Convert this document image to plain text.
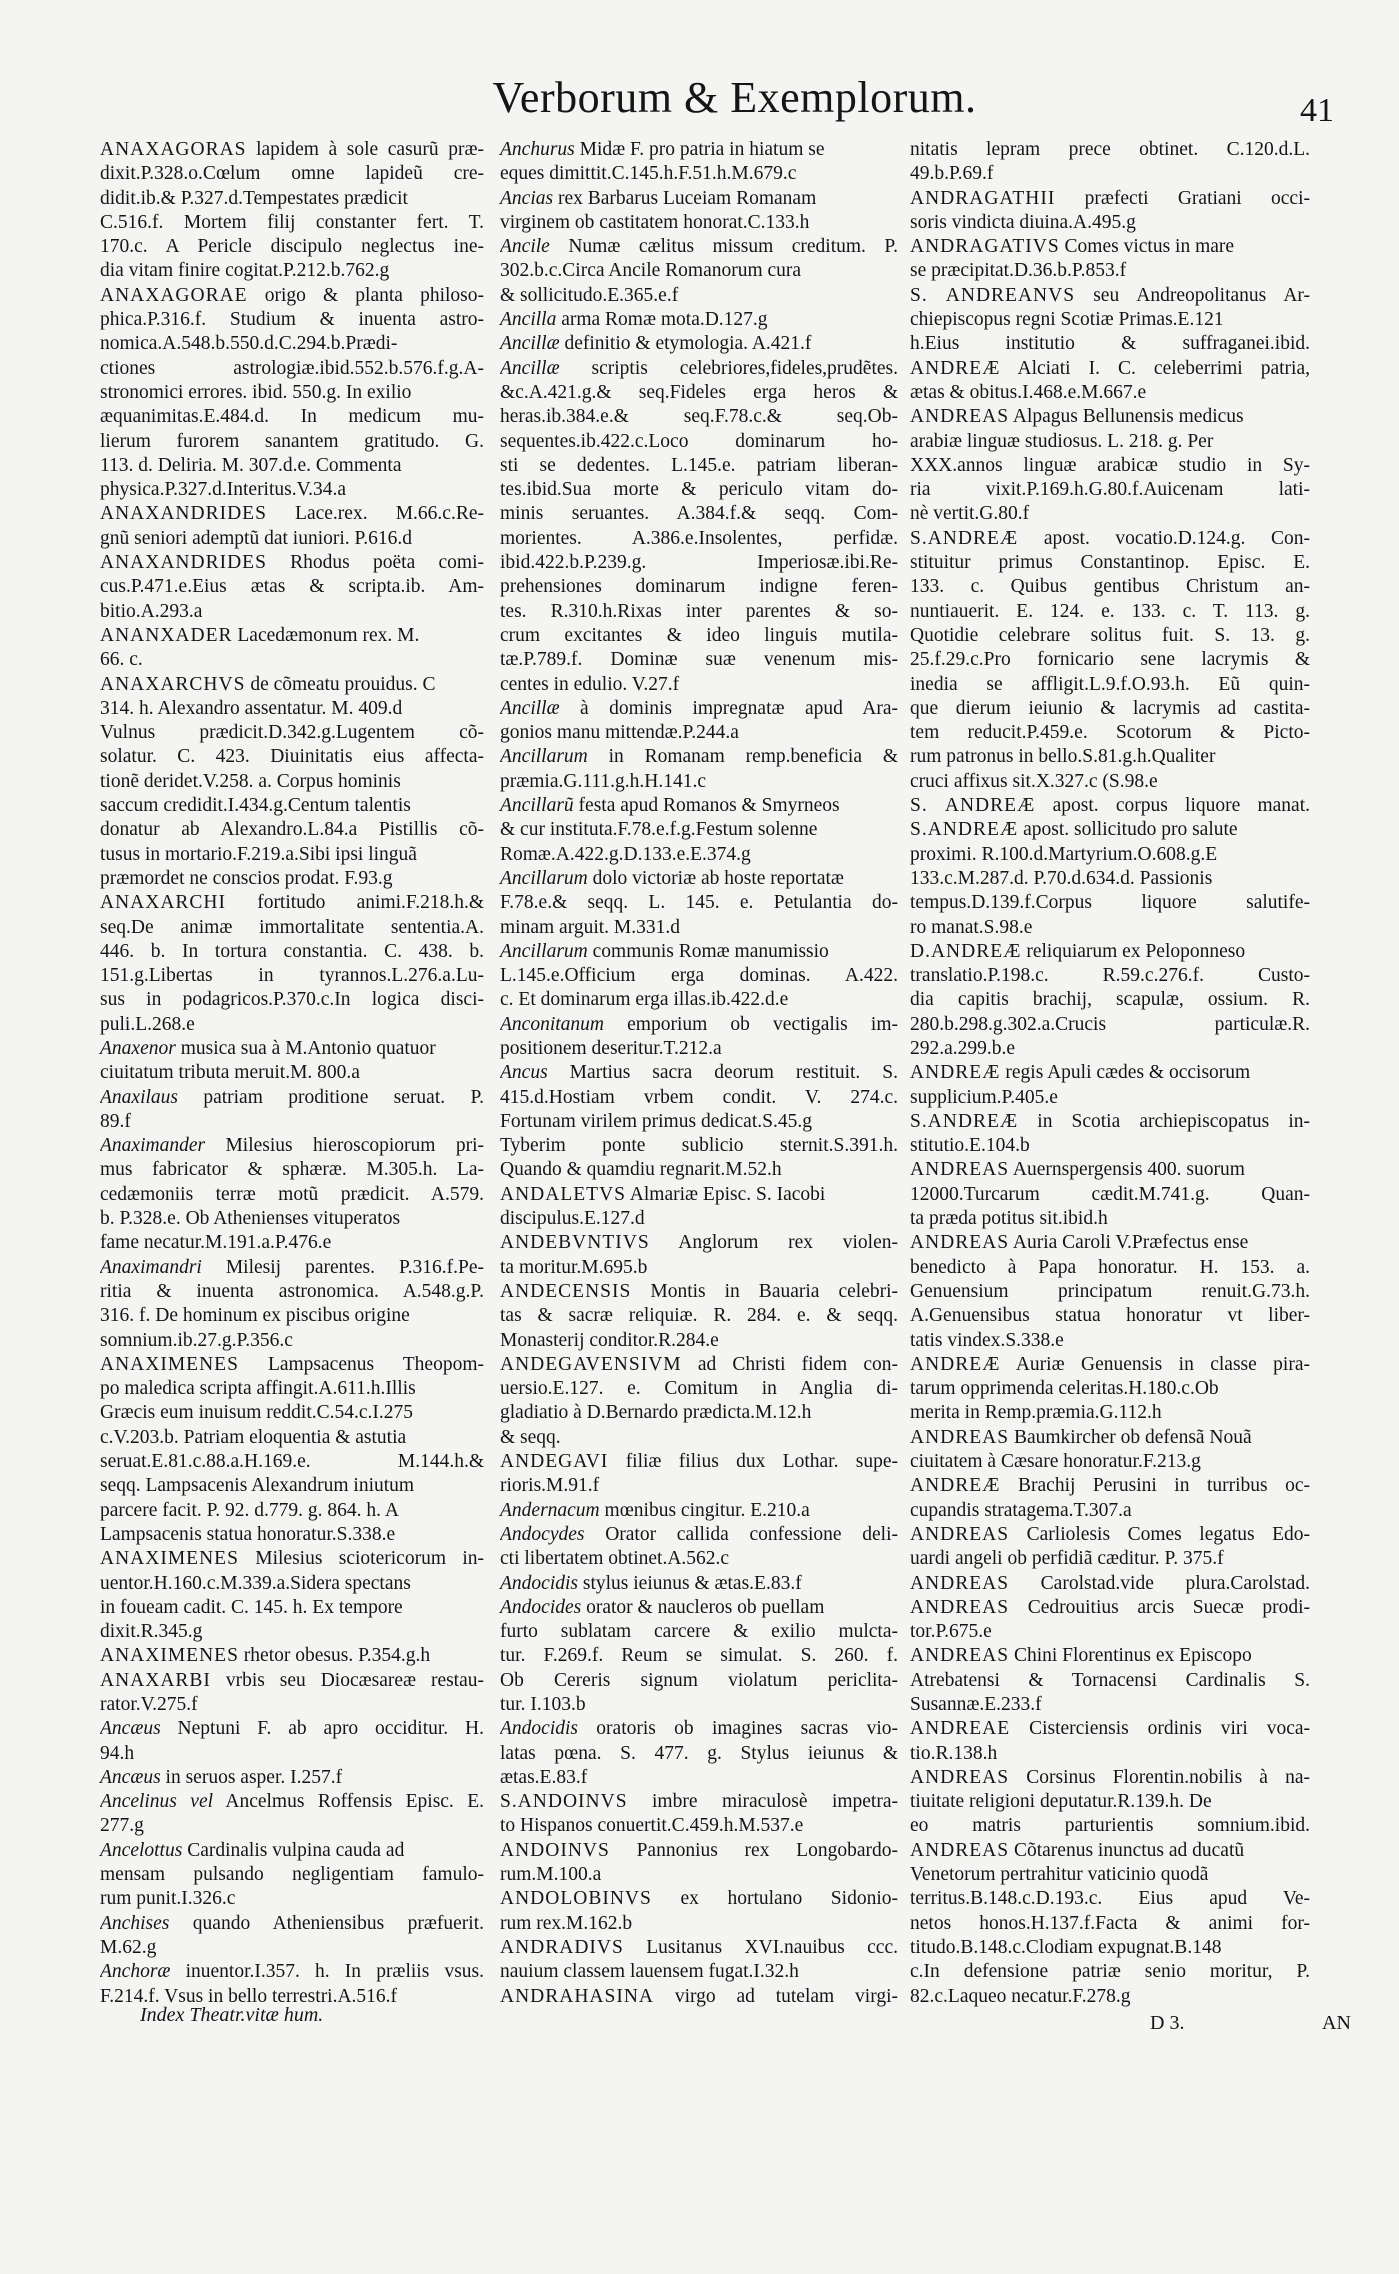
Verborum & Exemplorum.	41
ANAXAGORAS lapidem à sole casurũ præ-
dixit.P.328.o.Cœlum omne lapideũ cre-
didit.ib.& P.327.d.Tempestates prædicit
C.516.f. Mortem filij constanter fert. T.
170.c. A Pericle discipulo neglectus ine-
dia vitam finire cogitat.P.212.b.762.g
ANAXAGORAE origo & planta philoso-
phica.P.316.f. Studium & inuenta astro-
nomica.A.548.b.550.d.C.294.b.Prædi-
ctiones astrologiæ.ibid.552.b.576.f.g.A-
stronomici errores. ibid. 550.g. In exilio
æquanimitas.E.484.d. In medicum mu-
lierum furorem sanantem gratitudo. G.
113. d. Deliria. M. 307.d.e. Commenta
physica.P.327.d.Interitus.V.34.a
ANAXANDRIDES Lace.rex. M.66.c.Re-
gnũ seniori ademptũ dat iuniori. P.616.d
ANAXANDRIDES Rhodus poëta comi-
cus.P.471.e.Eius ætas & scripta.ib. Am-
bitio.A.293.a
ANANXADER Lacedæmonum rex. M.
66. c.
ANAXARCHVS de cõmeatu prouidus. C
314. h. Alexandro assentatur. M. 409.d
Vulnus prædicit.D.342.g.Lugentem cõ-
solatur. C. 423. Diuinitatis eius affecta-
tionẽ deridet.V.258. a. Corpus hominis
saccum credidit.I.434.g.Centum talentis
donatur ab Alexandro.L.84.a Pistillis cõ-
tusus in mortario.F.219.a.Sibi ipsi linguã
præmordet ne conscios prodat. F.93.g
ANAXARCHI fortitudo animi.F.218.h.&
seq.De animæ immortalitate sententia.A.
446. b. In tortura constantia. C. 438. b.
151.g.Libertas in tyrannos.L.276.a.Lu-
sus in podagricos.P.370.c.In logica disci-
puli.L.268.e
Anaxenor musica sua à M.Antonio quatuor
ciuitatum tributa meruit.M. 800.a
Anaxilaus patriam proditione seruat. P.
89.f
Anaximander Milesius hieroscopiorum pri-
mus fabricator & sphæræ. M.305.h. La-
cedæmoniis terræ motũ prædicit. A.579.
b. P.328.e. Ob Athenienses vituperatos
fame necatur.M.191.a.P.476.e
Anaximandri Milesij parentes. P.316.f.Pe-
ritia & inuenta astronomica. A.548.g.P.
316. f. De hominum ex piscibus origine
somnium.ib.27.g.P.356.c
ANAXIMENES Lampsacenus Theopom-
po maledica scripta affingit.A.611.h.Illis
Græcis eum inuisum reddit.C.54.c.I.275
c.V.203.b. Patriam eloquentia & astutia
seruat.E.81.c.88.a.H.169.e. M.144.h.&
seqq. Lampsacenis Alexandrum iniutum
parcere facit. P. 92. d.779. g. 864. h. A
Lampsacenis statua honoratur.S.338.e
ANAXIMENES Milesius sciotericorum in-
uentor.H.160.c.M.339.a.Sidera spectans
in foueam cadit. C. 145. h. Ex tempore
dixit.R.345.g
ANAXIMENES rhetor obesus. P.354.g.h
ANAXARBI vrbis seu Diocæsareæ restau-
rator.V.275.f
Ancæus Neptuni F. ab apro occiditur. H.
94.h
Ancæus in seruos asper. I.257.f
Ancelinus vel Ancelmus Roffensis Episc. E.
277.g
Ancelottus Cardinalis vulpina cauda ad
mensam pulsando negligentiam famulo-
rum punit.I.326.c
Anchises quando Atheniensibus præfuerit.
M.62.g
Anchoræ inuentor.I.357. h. In præliis vsus.
F.214.f. Vsus in bello terrestri.A.516.f
Anchurus Midæ F. pro patria in hiatum se
eques dimittit.C.145.h.F.51.h.M.679.c
Ancias rex Barbarus Luceiam Romanam
virginem ob castitatem honorat.C.133.h
Ancile Numæ cælitus missum creditum. P.
302.b.c.Circa Ancile Romanorum cura
& sollicitudo.E.365.e.f
Ancilla arma Romæ mota.D.127.g
Ancillæ definitio & etymologia. A.421.f
Ancillæ scriptis celebriores,fideles,prudẽtes.
&c.A.421.g.& seq.Fideles erga heros &
heras.ib.384.e.& seq.F.78.c.& seq.Ob-
sequentes.ib.422.c.Loco dominarum ho-
sti se dedentes. L.145.e. patriam liberan-
tes.ibid.Sua morte & periculo vitam do-
minis seruantes. A.384.f.& seqq. Com-
morientes. A.386.e.Insolentes, perfidæ.
ibid.422.b.P.239.g. Imperiosæ.ibi.Re-
prehensiones dominarum indigne feren-
tes. R.310.h.Rixas inter parentes & so-
crum excitantes & ideo linguis mutila-
tæ.P.789.f. Dominæ suæ venenum mis-
centes in edulio. V.27.f
Ancillæ à dominis impregnatæ apud Ara-
gonios manu mittendæ.P.244.a
Ancillarum in Romanam remp.beneficia &
præmia.G.111.g.h.H.141.c
Ancillarũ festa apud Romanos & Smyrneos
& cur instituta.F.78.e.f.g.Festum solenne
Romæ.A.422.g.D.133.e.E.374.g
Ancillarum dolo victoriæ ab hoste reportatæ
F.78.e.& seqq. L. 145. e. Petulantia do-
minam arguit. M.331.d
Ancillarum communis Romæ manumissio
L.145.e.Officium erga dominas. A.422.
c. Et dominarum erga illas.ib.422.d.e
Anconitanum emporium ob vectigalis im-
positionem deseritur.T.212.a
Ancus Martius sacra deorum restituit. S.
415.d.Hostiam vrbem condit. V. 274.c.
Fortunam virilem primus dedicat.S.45.g
Tyberim ponte sublicio sternit.S.391.h.
Quando & quamdiu regnarit.M.52.h
ANDALETVS Almariæ Episc. S. Iacobi
discipulus.E.127.d
ANDEBVNTIVS Anglorum rex violen-
ta moritur.M.695.b
ANDECENSIS Montis in Bauaria celebri-
tas & sacræ reliquiæ. R. 284. e. & seqq.
Monasterij conditor.R.284.e
ANDEGAVENSIVM ad Christi fidem con-
uersio.E.127. e. Comitum in Anglia di-
gladiatio à D.Bernardo prædicta.M.12.h
& seqq.
ANDEGAVI filiæ filius dux Lothar. supe-
rioris.M.91.f
Andernacum mœnibus cingitur. E.210.a
Andocydes Orator callida confessione deli-
cti libertatem obtinet.A.562.c
Andocidis stylus ieiunus & ætas.E.83.f
Andocides orator & naucleros ob puellam
furto sublatam carcere & exilio mulcta-
tur. F.269.f. Reum se simulat. S. 260. f.
Ob Cereris signum violatum periclita-
tur. I.103.b
Andocidis oratoris ob imagines sacras vio-
latas pœna. S. 477. g. Stylus ieiunus &
ætas.E.83.f
S.ANDOINVS imbre miraculosè impetra-
to Hispanos conuertit.C.459.h.M.537.e
ANDOINVS Pannonius rex Longobardo-
rum.M.100.a
ANDOLOBINVS ex hortulano Sidonio-
rum rex.M.162.b
ANDRADIVS Lusitanus XVI.nauibus ccc.
nauium classem lauensem fugat.I.32.h
ANDRAHASINA virgo ad tutelam virgi-
nitatis lepram prece obtinet. C.120.d.L.
49.b.P.69.f
ANDRAGATHII præfecti Gratiani occi-
soris vindicta diuina.A.495.g
ANDRAGATIVS Comes victus in mare
se præcipitat.D.36.b.P.853.f
S. ANDREANVS seu Andreopolitanus Ar-
chiepiscopus regni Scotiæ Primas.E.121
h.Eius institutio & suffraganei.ibid.
ANDREÆ Alciati I. C. celeberrimi patria,
ætas & obitus.I.468.e.M.667.e
ANDREAS Alpagus Bellunensis medicus
arabiæ linguæ studiosus. L. 218. g. Per
XXX.annos linguæ arabicæ studio in Sy-
ria vixit.P.169.h.G.80.f.Auicenam lati-
nè vertit.G.80.f
S.ANDREÆ apost. vocatio.D.124.g. Con-
stituitur primus Constantinop. Episc. E.
133. c. Quibus gentibus Christum an-
nuntiauerit. E. 124. e. 133. c. T. 113. g.
Quotidie celebrare solitus fuit. S. 13. g.
25.f.29.c.Pro fornicario sene lacrymis &
inedia se affligit.L.9.f.O.93.h. Eũ quin-
que dierum ieiunio & lacrymis ad castita-
tem reducit.P.459.e. Scotorum & Picto-
rum patronus in bello.S.81.g.h.Qualiter
cruci affixus sit.X.327.c (S.98.e
S. ANDREÆ apost. corpus liquore manat.
S.ANDREÆ apost. sollicitudo pro salute
proximi. R.100.d.Martyrium.O.608.g.E
133.c.M.287.d. P.70.d.634.d. Passionis
tempus.D.139.f.Corpus liquore salutife-
ro manat.S.98.e
D.ANDREÆ reliquiarum ex Peloponneso
translatio.P.198.c. R.59.c.276.f. Custo-
dia capitis brachij, scapulæ, ossium. R.
280.b.298.g.302.a.Crucis particulæ.R.
292.a.299.b.e
ANDREÆ regis Apuli cædes & occisorum
supplicium.P.405.e
S.ANDREÆ in Scotia archiepiscopatus in-
stitutio.E.104.b
ANDREAS Auernspergensis 400. suorum
12000.Turcarum cædit.M.741.g. Quan-
ta præda potitus sit.ibid.h
ANDREAS Auria Caroli V.Præfectus ense
benedicto à Papa honoratur. H. 153. a.
Genuensium principatum renuit.G.73.h.
A.Genuensibus statua honoratur vt liber-
tatis vindex.S.338.e
ANDREÆ Auriæ Genuensis in classe pira-
tarum opprimenda celeritas.H.180.c.Ob
merita in Remp.præmia.G.112.h
ANDREAS Baumkircher ob defensã Nouã
ciuitatem à Cæsare honoratur.F.213.g
ANDREÆ Brachij Perusini in turribus oc-
cupandis stratagema.T.307.a
ANDREAS Carliolesis Comes legatus Edo-
uardi angeli ob perfidiã cæditur. P. 375.f
ANDREAS Carolstad.vide plura.Carolstad.
ANDREAS Cedrouitius arcis Suecæ prodi-
tor.P.675.e
ANDREAS Chini Florentinus ex Episcopo
Atrebatensi & Tornacensi Cardinalis S.
Susannæ.E.233.f
ANDREAE Cisterciensis ordinis viri voca-
tio.R.138.h
ANDREAS Corsinus Florentin.nobilis à na-
tiuitate religioni deputatur.R.139.h. De
eo matris parturientis somnium.ibid.
ANDREAS Cõtarenus inunctus ad ducatũ
Venetorum pertrahitur vaticinio quodã
territus.B.148.c.D.193.c. Eius apud Ve-
netos honos.H.137.f.Facta & animi for-
titudo.B.148.c.Clodiam expugnat.B.148
c.In defensione patriæ senio moritur, P.
82.c.Laqueo necatur.F.278.g
Index Theatr.vitæ hum.	D 3.	AN
